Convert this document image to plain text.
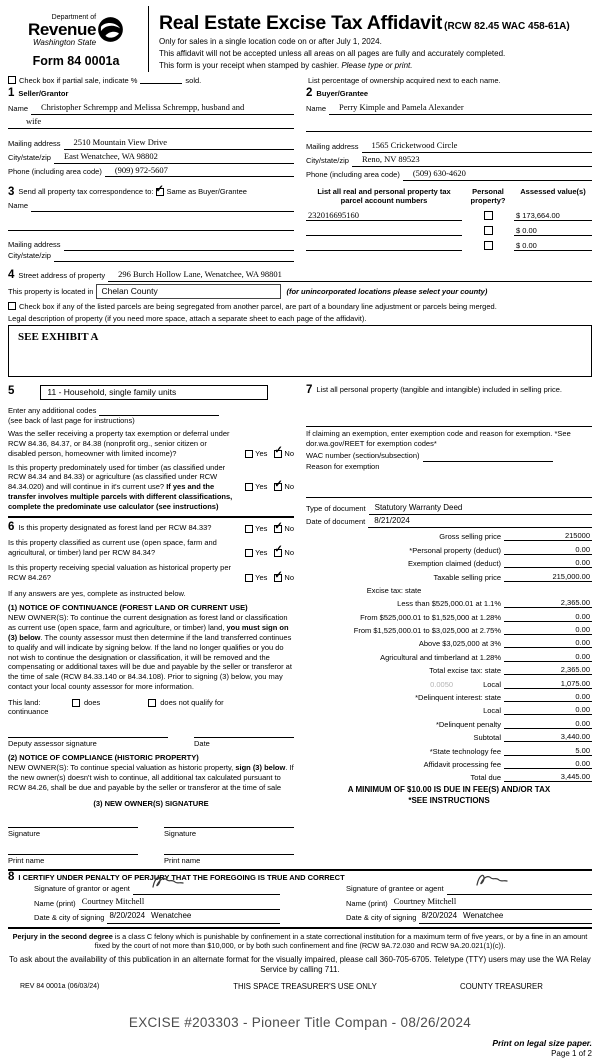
Department of
Revenue
Washington State
Form 84 0001a
Real Estate Excise Tax Affidavit (RCW 82.45 WAC 458-61A)
Only for sales in a single location code on or after July 1, 2024.
This affidavit will not be accepted unless all areas on all pages are fully and accurately completed.
This form is your receipt when stamped by cashier. Please type or print.
Check box if partial sale, indicate %	sold.	List percentage of ownership acquired next to each name.
1 Seller/Grantor
Name	Christopher Schrempp and Melissa Schrempp, husband and
wife
Mailing address	2510 Mountain View Drive
City/state/zip	East Wenatchee, WA 98802
Phone (including area code)	(909) 972-5607
2 Buyer/Grantee
Name	Perry Kimple and Pamela Alexander
Mailing address	1565 Cricketwood Circle
City/state/zip	Reno, NV 89523
Phone (including area code)	(509) 630-4620
3 Send all property tax correspondence to: ✓ Same as Buyer/Grantee
Name
Mailing address
City/state/zip
List all real and personal property tax parcel account numbers
Personal property?
Assessed value(s)
232016695160	$ 173,664.00
$ 0.00
$ 0.00
4 Street address of property	296 Burch Hollow Lane, Wenatchee, WA 98801
This property is located in Chelan County	(for unincorporated locations please select your county)
Check box if any of the listed parcels are being segregated from another parcel, are part of a boundary line adjustment or parcels being merged.
Legal description of property (if you need more space, attach a separate sheet to each page of the affidavit).
SEE EXHIBIT A
5	11 - Household, single family units
Enter any additional codes
(see back of last page for instructions)
Was the seller receiving a property tax exemption or deferral under RCW 84.36, 84.37, or 84.38 (nonprofit org., senior citizen or disabled person, homeowner with limited income)?	Yes ✓ No
Is this property predominately used for timber (as classified under RCW 84.34 and 84.33) or agriculture (as classified under RCW 84.34.020) and will continue in it's current use? If yes and the transfer involves multiple parcels with different classifications, complete the predominate use calculator (see instructions)
Yes ✓ No
6 Is this property designated as forest land per RCW 84.33?	Yes ✓ No
Is this property classified as current use (open space, farm and agricultural, or timber) land per RCW 84.34?	Yes ✓ No
Is this property receiving special valuation as historical property per RCW 84.26?	Yes ✓ No
If any answers are yes, complete as instructed below.
(1) NOTICE OF CONTINUANCE (FOREST LAND OR CURRENT USE)
NEW OWNER(S): To continue the current designation as forest land or classification as current use (open space, farm and agriculture, or timber) land, you must sign on (3) below. The county assessor must then determine if the land transferred continues to qualify and will indicate by signing below. If the land no longer qualifies or you do not wish to continue the designation or classification, it will be removed and the compensating or additional taxes will be due and payable by the seller or transferor at the time of sale (RCW 84.33.140 or 84.34.108). Prior to signing (3) below, you may contact your local county assessor for more information.
This land:	does	does not qualify for
continuance
Deputy assessor signature	Date
(2) NOTICE OF COMPLIANCE (HISTORIC PROPERTY)
NEW OWNER(S): To continue special valuation as historic property, sign (3) below. If the new owner(s) doesn't wish to continue, all additional tax calculated pursuant to RCW 84.26, shall be due and payable by the seller or transferor at the time of sale
(3) NEW OWNER(S) SIGNATURE
Signature	Signature
Print name	Print name
7 List all personal property (tangible and intangible) included in selling price.
If claiming an exemption, enter exemption code and reason for exemption. *See dor.wa.gov/REET for exemption codes*
WAC number (section/subsection)
Reason for exemption
Type of document	Statutory Warranty Deed
Date of document	8/21/2024
Gross selling price	215000
*Personal property (deduct)	0.00
Exemption claimed (deduct)	0.00
Taxable selling price	215,000.00
Excise tax: state
Less than $525,000.01 at 1.1%	2,365.00
From $525,000.01 to $1,525,000 at 1.28%	0.00
From $1,525,000.01 to $3,025,000 at 2.75%	0.00
Above $3,025,000 at 3%	0.00
Agricultural and timberland at 1.28%	0.00
Total excise tax: state	2,365.00
0.0050	Local	1,075.00
*Delinquent interest: state	0.00
Local	0.00
*Delinquent penalty	0.00
Subtotal	3,440.00
*State technology fee	5.00
Affidavit processing fee	0.00
Total due	3,445.00
A MINIMUM OF $10.00 IS DUE IN FEE(S) AND/OR TAX
*SEE INSTRUCTIONS
8 I CERTIFY UNDER PENALTY OF PERJURY THAT THE FOREGOING IS TRUE AND CORRECT
Signature of grantor or agent
Name (print) Courtney Mitchell
Date & city of signing 8/20/2024 Wenatchee
Signature of grantee or agent
Name (print) Courtney Mitchell
Date & city of signing 8/20/2024 Wenatchee
Perjury in the second degree is a class C felony which is punishable by confinement in a state correctional institution for a maximum term of five years, or by a fine in an amount fixed by the court of not more than $10,000, or by both such confinement and fine (RCW 9A.72.030 and RCW 9A.20.021(1)(c)).
To ask about the availability of this publication in an alternate format for the visually impaired, please call 360-705-6705. Teletype (TTY) users may use the WA Relay Service by calling 711.
REV 84 0001a (06/03/24)	THIS SPACE TREASURER'S USE ONLY	COUNTY TREASURER
EXCISE #203303 - Pioneer Title Compan - 08/26/2024
Print on legal size paper.
Page 1 of 2
